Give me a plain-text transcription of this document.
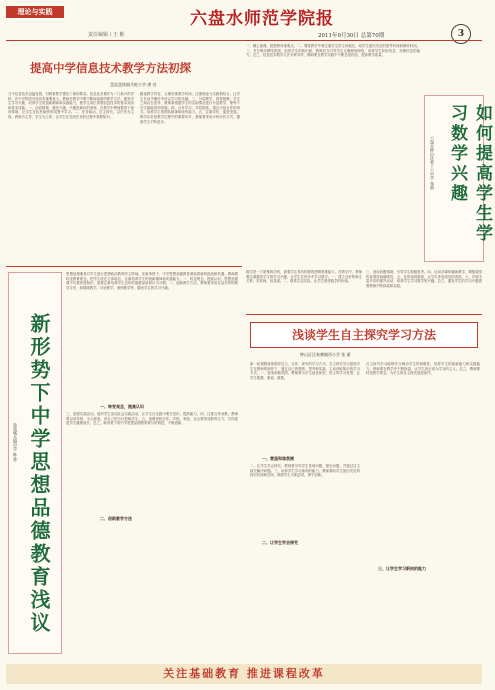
理论与实践
责任编辑 / 王 彬
六盘水师范学院报
2011年9月30日 总第70期	3
提高中学信息技术教学方法初探
盘县盘枝镇马吃小学 唐 亮
当今信息技术迅猛发展，对教育教学提出了新的要求。信息技术课作为一门新兴的学科，在中学阶段开设具有重要意义。教师在教学中要不断探索新的教学方法，激发学生学习兴趣，培养学生的创新精神和实践能力，使学生真正掌握信息技术的基本知识和基本技能。一、创设情境，激发兴趣。兴趣是最好的老师，在教学中教师要善于创设情境，让学生在轻松愉快的氛围中学习。二、任务驱动，自主探究。以任务为主线，教师为主导，学生为主体，让学生在完成任务的过程中掌握知识。
精选教学内容，合理安排教学时间，注重理论与实践相结合，让学生在动手操作中体会学习的乐趣。三、分层教学，因材施教。学生之间存在差异，教师要根据学生的实际情况进行分层教学，使每个学生都能得到发展。四、合作学习，共同提高。通过小组合作的形式，培养学生的团队精神和协作能力。五、注重评价，促进发展。教学评价是教学过程中的重要环节，教师要采用多种评价方式，激励学生不断进步。
一、精心备课，把握教材重难点。二、课堂教学中要注重学生的主体地位，给学生留出充足的思考时间和操作时间。三、充分利用网络资源，拓宽学生的知识面。教师应当引导学生正确使用网络，培养学生获取信息、处理信息的能力。总之，信息技术教学方法多种多样，教师要在教学实践中不断总结经验，提高教学质量。
如何提高学生学习数学兴趣
六盘水钟山区第十六中学 张丽
数学是一门思维的学科，需要学生具有较强的逻辑思维能力。在教学中，教师要注重激发学生的学习兴趣，让学生在快乐中学习数学。一、建立良好的师生关系，亲其师，信其道。二、联系生活实际，让学生感受数学的价值。
三、创设问题情境，引导学生积极思考。四、运用多媒体辅助教学，增强课堂的直观性和趣味性。五、及时表扬鼓励，让学生体验成功的喜悦。六、开展丰富多彩的课外活动，培养学生学习数学的兴趣。总之，激发学生的学习兴趣需要教师不断探索和实践。
新形势下中学思想品德教育浅议
盘县城关镇中学 陈 香
思想品德课是对学生进行思想政治教育的主阵地。在新形势下，中学思想品德教育面临着新的挑战和机遇。教师要转变教育观念，把学生放在主体地位，注重培养学生的创新精神和实践能力。一、转变观念，提高认识。思想品德课不仅要传授知识，更要注重培养学生良好的道德品质和行为习惯。二、创新教学方法。教师要采用灵活多样的教学方法，如情境教学、讨论教学、案例教学等，激发学生的学习兴趣。
一、转变观念，提高认识
三、加强实践活动。组织学生参加社会实践活动，让学生在实践中增长见识，提高能力。四、注重言传身教。教师要以身作则，为人师表，用自己的言行影响学生。五、加强家校合作。学校、家庭、社会要形成教育合力，共同促进学生健康成长。总之，新形势下的中学思想品德教育要与时俱进，不断创新。
二、创新教学方法
浅谈学生自主探究学习方法
钟山区汪家寨镇西小学 张 丽
新一轮课程改革倡导自主、合作、探究的学习方式。自主探究学习是指学生在教师的指导下，通过自己的观察、思考和实践，主动获取知识的学习方式。一、营造和谐氛围。教师要为学生创设宽松、民主的学习氛围，让学生敢想、敢说、敢做。
一、营造和谐氛围
二、让学生学会探究
二、让学生学会探究。教师要引导学生发现问题、提出问题，并通过自主探究解决问题。三、培养学生学习新知的能力。教师要给学生留出充足的探究时间和空间，鼓励学生大胆尝试，勇于创新。
自主探究学习能够充分调动学生的积极性，培养学生的创新能力和实践能力。教师要在教学中不断探索，让学生真正成为学习的主人。总之，教师要转变教学观念，为学生的自主探究创造条件。
三、让学生学习新知的能力
关注基础教育 推进课程改革
